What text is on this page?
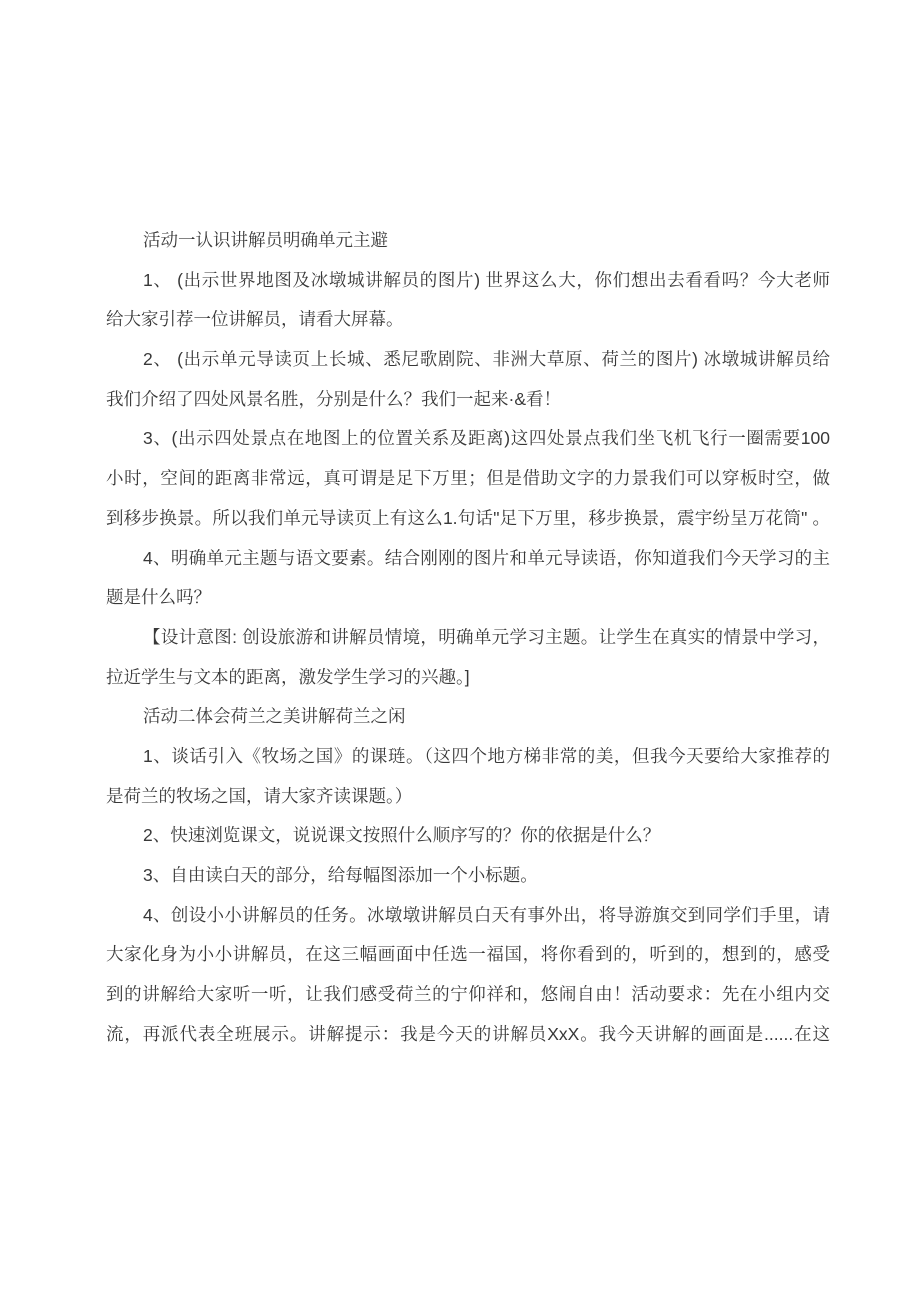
活动一认识讲解员明确单元主避
1、 (出示世界地图及冰墩城讲解员的图片) 世界这么大，你们想出去看看吗？今大老师
给大家引荐一位讲解员，请看大屏幕。
2、 (出示单元导读页上长城、悉尼歌剧院、非洲大草原、荷兰的图片) 冰墩城讲解员给
我们介绍了四处风景名胜，分别是什么？我们一起来·&看！
3、(出示四处景点在地图上的位置关系及距离)这四处景点我们坐飞机飞行一圈需要100
小时，空间的距离非常远，真可谓是足下万里；但是借助文字的力景我们可以穿板时空，做
到移步换景。所以我们单元导读页上有这么1.句话"足下万里，移步换景，震宇纷呈万花筒" 。
4、明确单元主题与语文要素。结合刚刚的图片和单元导读语，你知道我们今天学习的主
题是什么吗？
【设计意图: 创设旅游和讲解员情境，明确单元学习主题。让学生在真实的情景中学习，
拉近学生与文本的距离，激发学生学习的兴趣。]
活动二体会荷兰之美讲解荷兰之闲
1、谈话引入《牧场之国》的课琏。（这四个地方梯非常的美，但我今天要给大家推荐的
是荷兰的牧场之国，请大家齐读课题。）
2、快速浏览课文，说说课文按照什么顺序写的？你的依据是什么？
3、自由读白天的部分，给每幅图添加一个小标题。
4、创设小小讲解员的任务。冰墩墩讲解员白天有事外出，将导游旗交到同学们手里，请
大家化身为小小讲解员，在这三幅画面中任选一福国，将你看到的，听到的，想到的，感受
到的讲解给大家听一听，让我们感受荷兰的宁仰祥和，悠闹自由！活动要求：先在小组内交
流，再派代表全班展示。讲解提示：我是今天的讲解员XxX。我今天讲解的画面是......在这
